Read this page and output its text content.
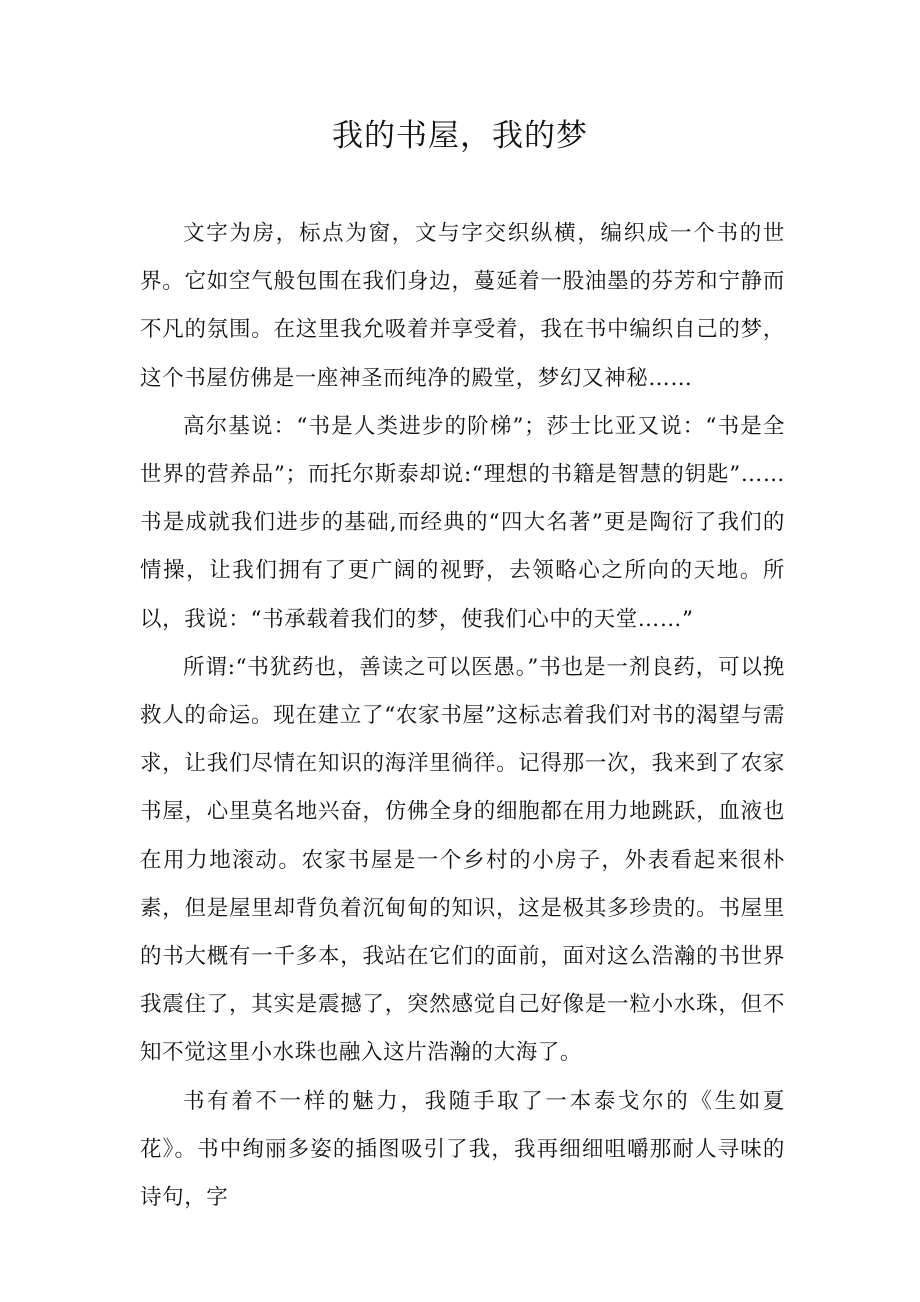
我的书屋，我的梦

文字为房，标点为窗，文与字交织纵横，编织成一个书的世界。它如空气般包围在我们身边，蔓延着一股油墨的芬芳和宁静而不凡的氛围。在这里我允吸着并享受着，我在书中编织自己的梦，这个书屋仿佛是一座神圣而纯净的殿堂，梦幻又神秘……

高尔基说：“书是人类进步的阶梯”；莎士比亚又说：“书是全世界的营养品”；而托尔斯泰却说:“理想的书籍是智慧的钥匙”……书是成就我们进步的基础,而经典的“四大名著”更是陶衍了我们的情操，让我们拥有了更广阔的视野，去领略心之所向的天地。所以，我说：“书承载着我们的梦，使我们心中的天堂……”

所谓:“书犹药也，善读之可以医愚。”书也是一剂良药，可以挽救人的命运。现在建立了“农家书屋”这标志着我们对书的渴望与需求，让我们尽情在知识的海洋里徜徉。记得那一次，我来到了农家书屋，心里莫名地兴奋，仿佛全身的细胞都在用力地跳跃，血液也在用力地滚动。农家书屋是一个乡村的小房子，外表看起来很朴素，但是屋里却背负着沉甸甸的知识，这是极其多珍贵的。书屋里的书大概有一千多本，我站在它们的面前，面对这么浩瀚的书世界我震住了，其实是震撼了，突然感觉自己好像是一粒小水珠，但不知不觉这里小水珠也融入这片浩瀚的大海了。

书有着不一样的魅力，我随手取了一本泰戈尔的《生如夏花》。书中绚丽多姿的插图吸引了我，我再细细咀嚼那耐人寻味的诗句，字
